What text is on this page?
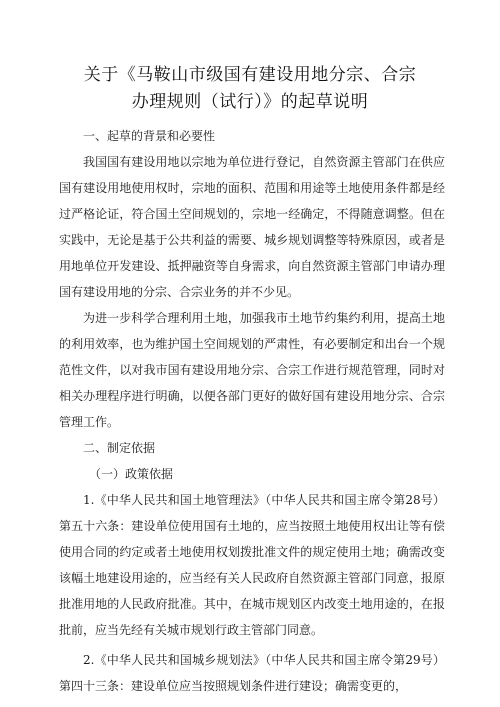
关于《马鞍山市级国有建设用地分宗、合宗
办理规则（试行）》的起草说明

一、起草的背景和必要性

我国国有建设用地以宗地为单位进行登记，自然资源主管部门在供应国有建设用地使用权时，宗地的面积、范围和用途等土地使用条件都是经过严格论证，符合国土空间规划的，宗地一经确定，不得随意调整。但在实践中，无论是基于公共利益的需要、城乡规划调整等特殊原因，或者是用地单位开发建设、抵押融资等自身需求，向自然资源主管部门申请办理国有建设用地的分宗、合宗业务的并不少见。

为进一步科学合理利用土地，加强我市土地节约集约利用，提高土地的利用效率，也为维护国土空间规划的严肃性，有必要制定和出台一个规范性文件，以对我市国有建设用地分宗、合宗工作进行规范管理，同时对相关办理程序进行明确，以便各部门更好的做好国有建设用地分宗、合宗管理工作。

二、制定依据

（一）政策依据

1.《中华人民共和国土地管理法》（中华人民共和国主席令第28号）第五十六条：建设单位使用国有土地的，应当按照土地使用权出让等有偿使用合同的约定或者土地使用权划拨批准文件的规定使用土地；确需改变该幅土地建设用途的，应当经有关人民政府自然资源主管部门同意，报原批准用地的人民政府批准。其中，在城市规划区内改变土地用途的，在报批前，应当先经有关城市规划行政主管部门同意。

2.《中华人民共和国城乡规划法》（中华人民共和国主席令第29号）第四十三条：建设单位应当按照规划条件进行建设；确需变更的，
